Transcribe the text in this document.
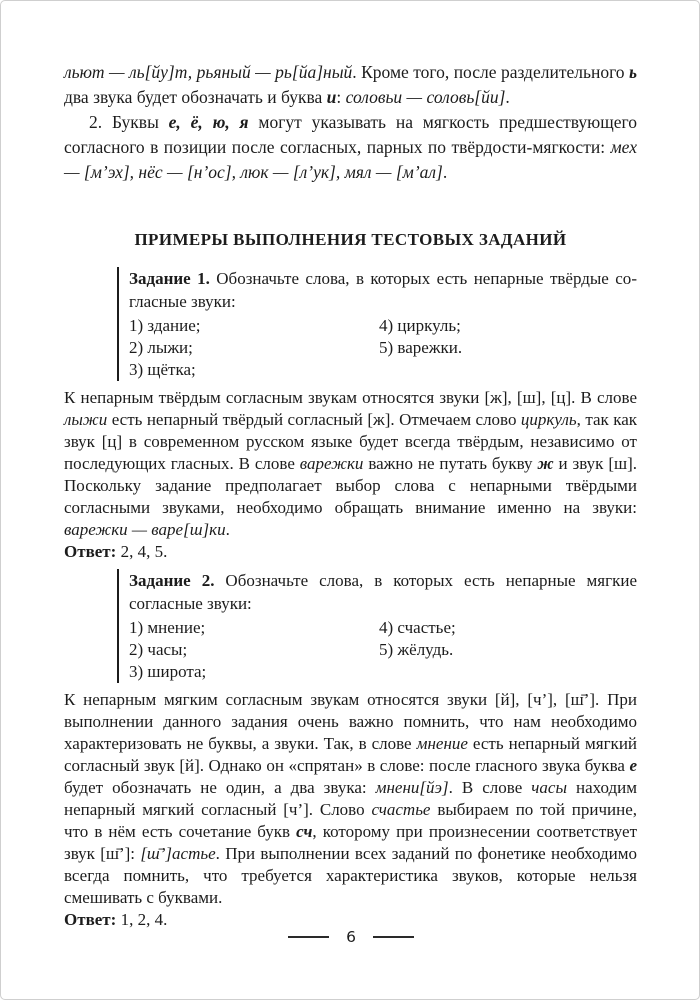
льют — ль[йу]т, рьяный — рь[йа]ный. Кроме того, после разделительного ь два звука будет обозначать и буква и: соловьи — соловь[йи].

2. Буквы е, ё, ю, я могут указывать на мягкость предшествующего согласного в позиции после согласных, парных по твёрдости-мягкости: мех — [м’эх], нёс — [н’ос], люк — [л’ук], мял — [м’ал].

ПРИМЕРЫ ВЫПОЛНЕНИЯ ТЕСТОВЫХ ЗАДАНИЙ

Задание 1. Обозначьте слова, в которых есть непарные твёрдые согласные звуки:

1) здание;
2) лыжи;
3) щётка;
4) циркуль;
5) варежки.

К непарным твёрдым согласным звукам относятся звуки [ж], [ш], [ц]. В слове лыжи есть непарный твёрдый согласный [ж]. Отмечаем слово циркуль, так как звук [ц] в современном русском языке будет всегда твёрдым, независимо от последующих гласных. В слове варежки важно не путать букву ж и звук [ш]. Поскольку задание предполагает выбор слова с непарными твёрдыми согласными звуками, необходимо обращать внимание именно на звуки: варежки — варе[ш]ки.

Ответ: 2, 4, 5.

Задание 2. Обозначьте слова, в которых есть непарные мягкие согласные звуки:

1) мнение;
2) часы;
3) широта;
4) счастье;
5) жёлудь.

К непарным мягким согласным звукам относятся звуки [й], [ч’], [ш̄’]. При выполнении данного задания очень важно помнить, что нам необходимо характеризовать не буквы, а звуки. Так, в слове мнение есть непарный мягкий согласный звук [й]. Однако он «спрятан» в слове: после гласного звука буква е будет обозначать не один, а два звука: мнени[йэ]. В слове часы находим непарный мягкий согласный [ч’]. Слово счастье выбираем по той причине, что в нём есть сочетание букв сч, которому при произнесении соответствует звук [ш̄’]: [ш̄’]астье. При выполнении всех заданий по фонетике необходимо всегда помнить, что требуется характеристика звуков, которые нельзя смешивать с буквами.

Ответ: 1, 2, 4.

6
